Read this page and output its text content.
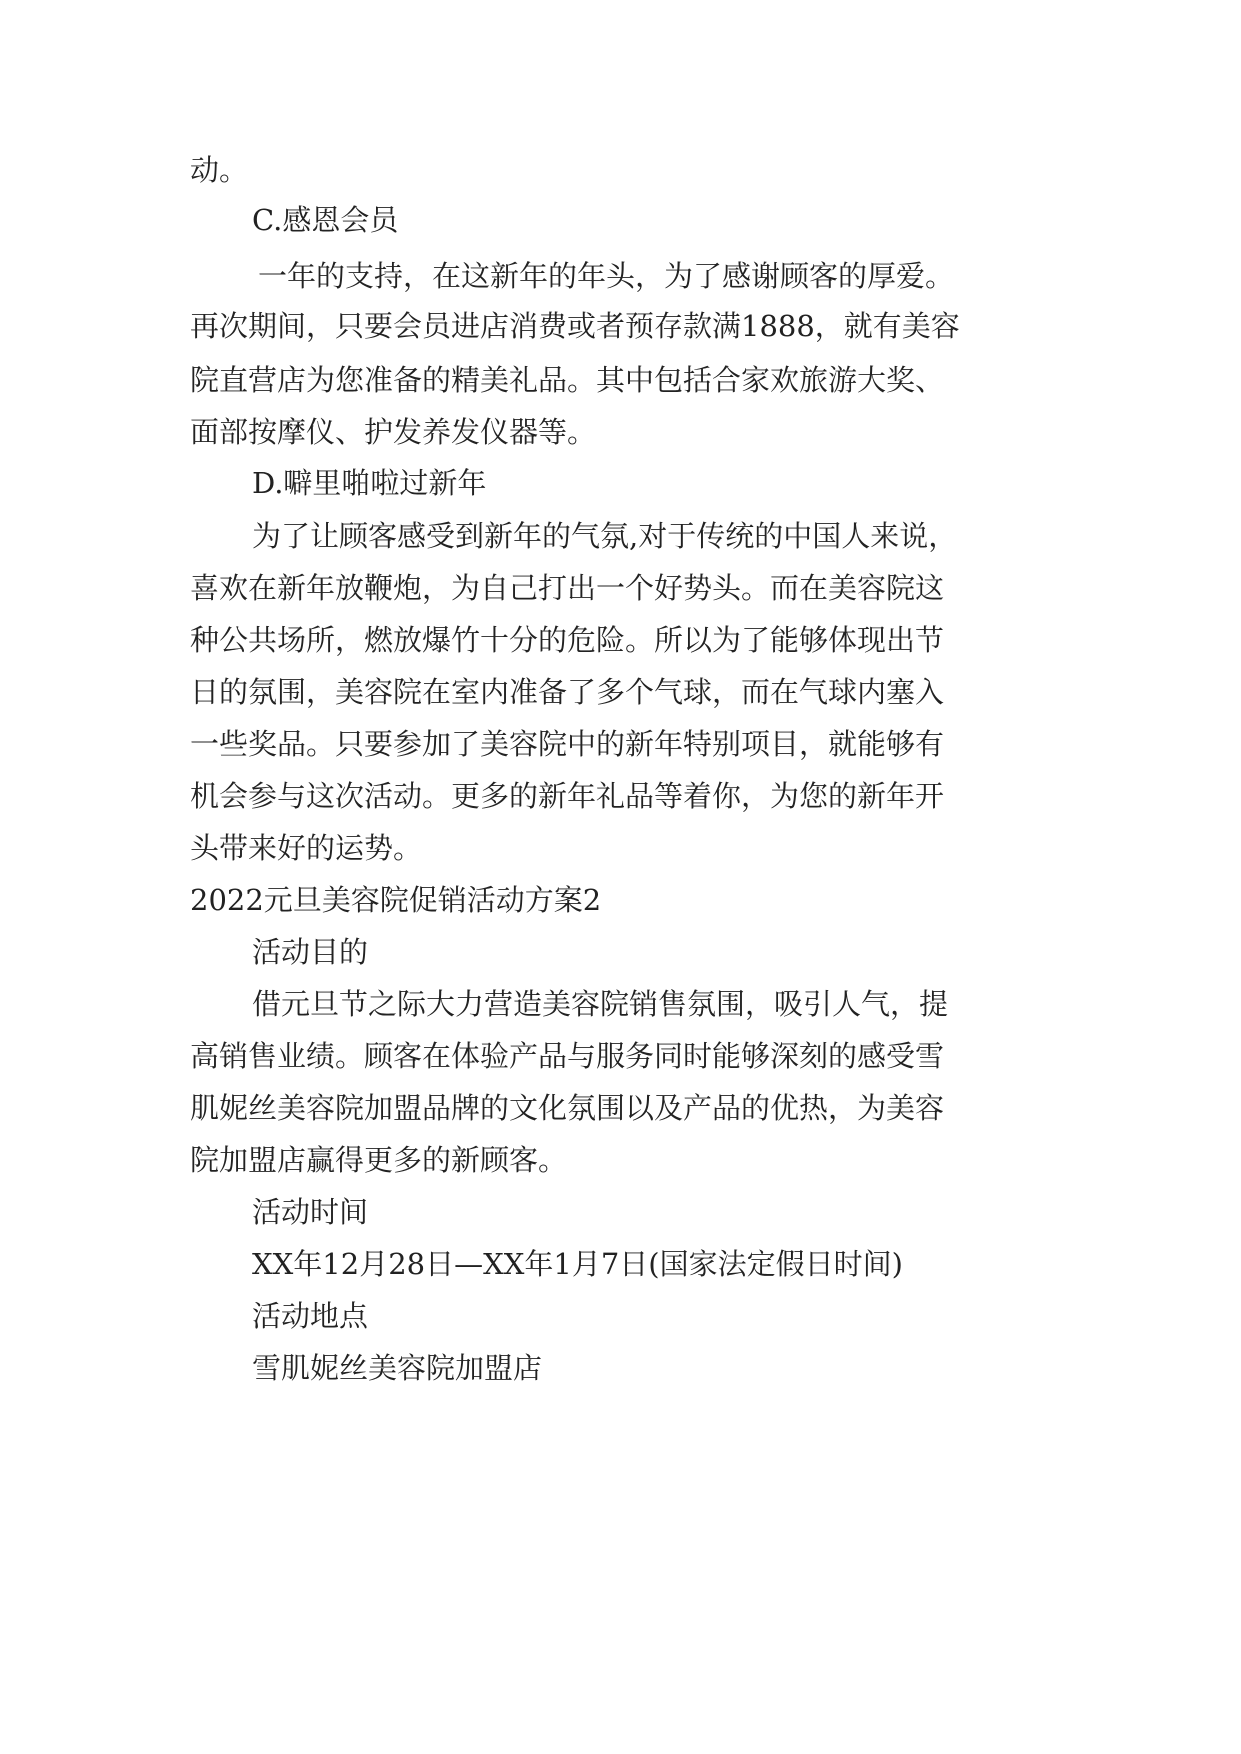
动。

C.感恩会员

一年的支持，在这新年的年头，为了感谢顾客的厚爱。

再次期间，只要会员进店消费或者预存款满1888，就有美容

院直营店为您准备的精美礼品。其中包括合家欢旅游大奖、

面部按摩仪、护发养发仪器等。

D.噼里啪啦过新年

为了让顾客感受到新年的气氛,对于传统的中国人来说，

喜欢在新年放鞭炮，为自己打出一个好势头。而在美容院这

种公共场所，燃放爆竹十分的危险。所以为了能够体现出节

日的氛围，美容院在室内准备了多个气球，而在气球内塞入

一些奖品。只要参加了美容院中的新年特别项目，就能够有

机会参与这次活动。更多的新年礼品等着你，为您的新年开

头带来好的运势。

2022元旦美容院促销活动方案2

活动目的

借元旦节之际大力营造美容院销售氛围，吸引人气，提

高销售业绩。顾客在体验产品与服务同时能够深刻的感受雪

肌妮丝美容院加盟品牌的文化氛围以及产品的优热，为美容

院加盟店赢得更多的新顾客。

活动时间

XX年12月28日—XX年1月7日(国家法定假日时间)

活动地点

雪肌妮丝美容院加盟店
